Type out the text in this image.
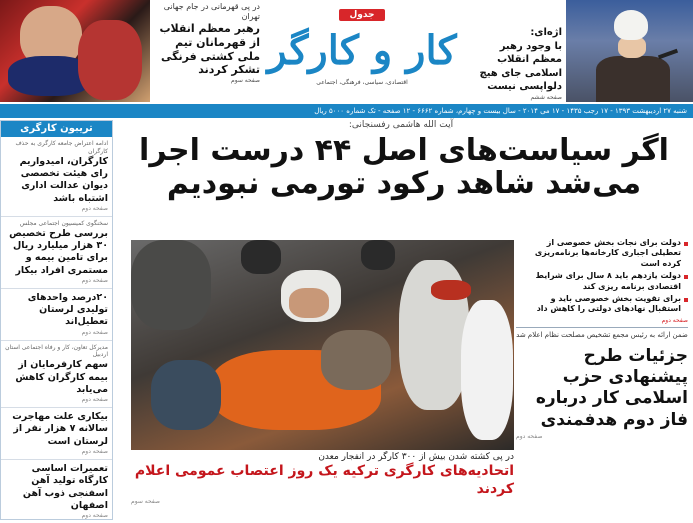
در پی قهرمانی در جام جهانی تهران
رهبر معظم انقلاب از قهرمانان تیم ملی کشتی فرنگی تشکر کردند
صفحه سوم
جدول
کار و کارگر
اقتصادی، سیاسی، فرهنگی، اجتماعی
اژه‌ای:
با وجود رهبر معظم انقلاب اسلامی جای هیچ دلواپسی نیست
صفحه ششم
شنبه ۲۷ اردیبهشت ۱۳۹۳ - ۱۷ رجب ۱۴۳۵ - ۱۷ می ۲۰۱۴ - سال بیست و چهارم، شماره ۶۶۶۲ - ۱۲ صفحه - تک شماره ۵۰۰۰ ریال
تریبون کارگری
ادامه اعتراض جامعه کارگری به حذف کارگران
کارگران، امیدواریم رای هیئت تخصصی دیوان عدالت اداری اشتباه باشد
صفحه دوم
سخنگوی کمیسیون اجتماعی مجلس
بررسی طرح تخصیص ۳۰ هزار میلیارد ریال برای تامین بیمه و مستمری افراد بیکار
صفحه دوم
۲۰درصد واحدهای تولیدی لرستان تعطیل‌اند
صفحه دوم
مدیرکل تعاون، کار و رفاه اجتماعی استان اردبیل
سهم کارفرمایان از بیمه کارگران کاهش می‌یابد
صفحه دوم
بیکاری علت مهاجرت سالانه ۷ هزار نفر از لرستان است
صفحه دوم
تعمیرات اساسی کارگاه تولید آهن اسفنجی ذوب آهن اصفهان
صفحه دوم
آیت الله هاشمی رفسنجانی:
اگر سیاست‌های اصل ۴۴ درست اجرا می‌شد شاهد رکود تورمی نبودیم
در پی کشته شدن بیش از ۳۰۰ کارگر در انفجار معدن
اتحادیه‌های کارگری ترکیه یک روز اعتصاب عمومی اعلام کردند
صفحه سوم
دولت برای نجات بخش خصوصی از تعطیلی اجباری کارخانه‌ها برنامه‌ریزی کرده است
دولت یازدهم باید ۸ سال برای شرایط اقتصادی برنامه ریزی کند
برای تقویت بخش خصوصی باید و استقبال نهادهای دولتی را کاهش داد
صفحه دوم
ضمن ارائه به رئیس مجمع تشخیص مصلحت نظام اعلام شد
جزئیات طرح پیشنهادی حزب اسلامی کار درباره فاز دوم هدفمندی
صفحه دوم
